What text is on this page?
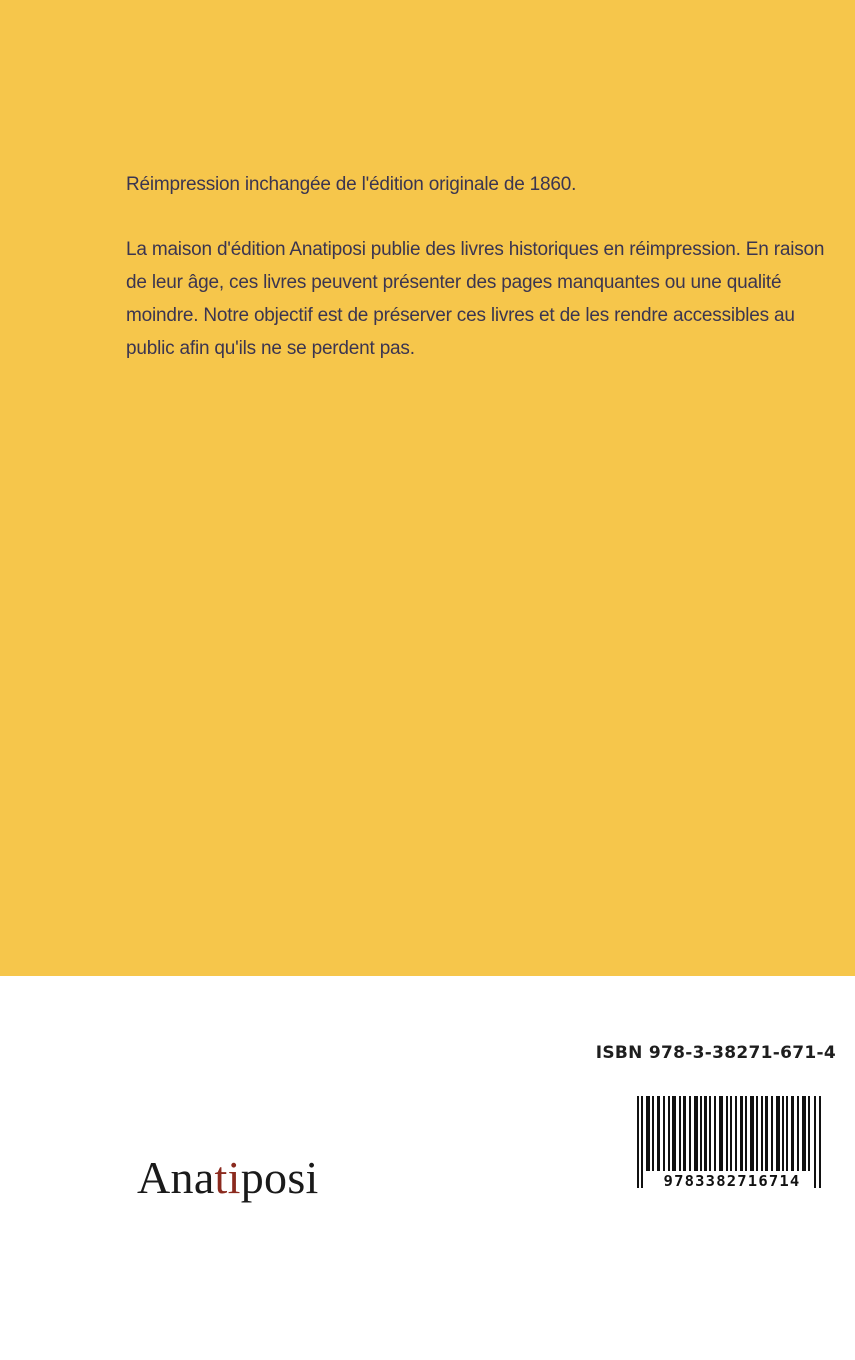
Réimpression inchangée de l'édition originale de 1860.

La maison d'édition Anatiposi publie des livres historiques en réimpression. En raison de leur âge, ces livres peuvent présenter des pages manquantes ou une qualité moindre. Notre objectif est de préserver ces livres et de les rendre accessibles au public afin qu'ils ne se perdent pas.

ISBN 978-3-38271-671-4
9783382716714
Anatiposi
